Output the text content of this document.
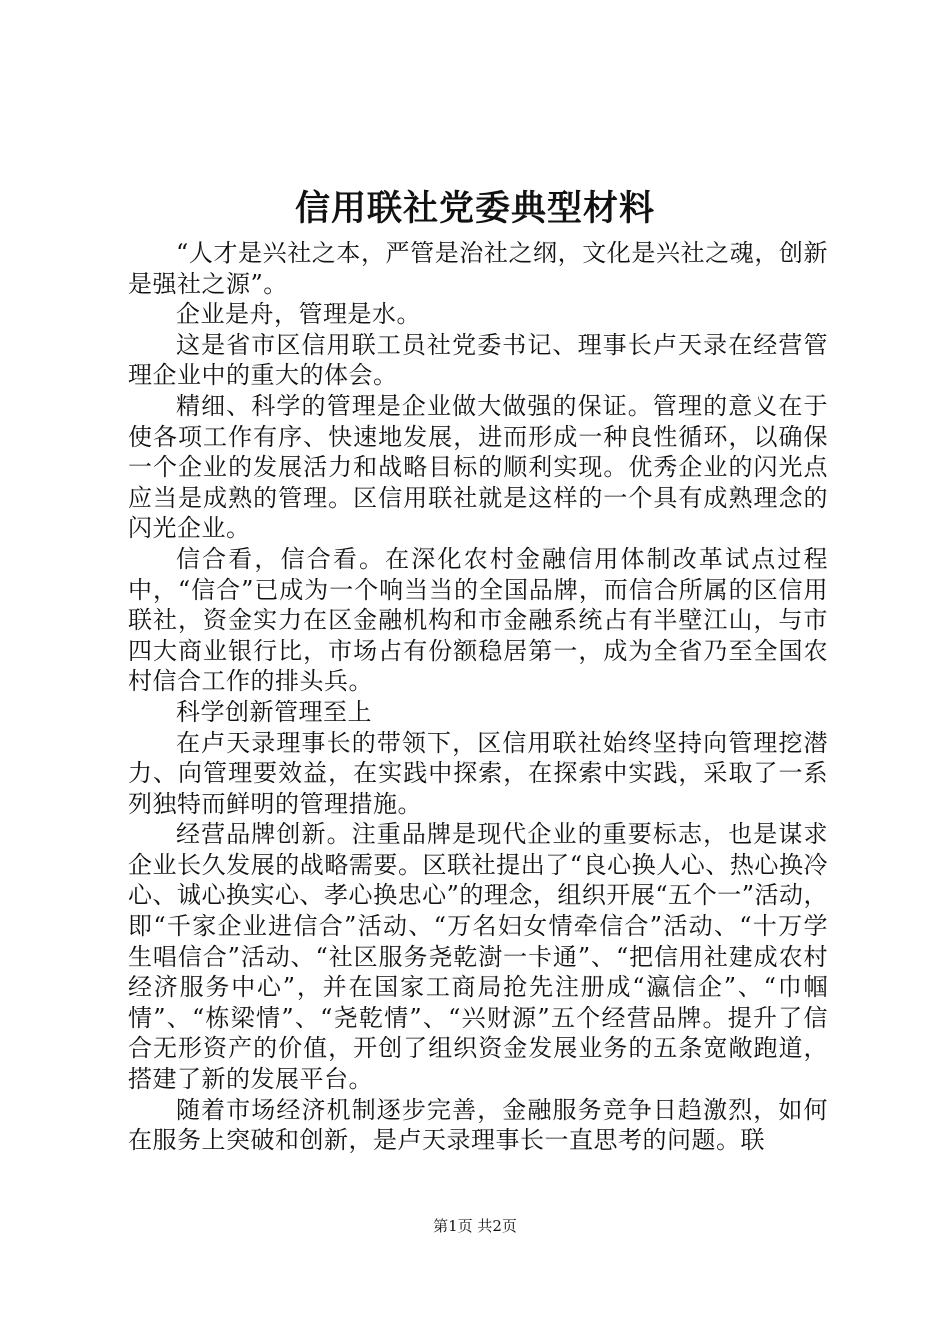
信用联社党委典型材料

“人才是兴社之本，严管是治社之纲，文化是兴社之魂，创新是强社之源”。

企业是舟，管理是水。

这是省市区信用联工员社党委书记、理事长卢天录在经营管理企业中的重大的体会。

精细、科学的管理是企业做大做强的保证。管理的意义在于使各项工作有序、快速地发展，进而形成一种良性循环，以确保一个企业的发展活力和战略目标的顺利实现。优秀企业的闪光点应当是成熟的管理。区信用联社就是这样的一个具有成熟理念的闪光企业。

信合看，信合看。在深化农村金融信用体制改革试点过程中，“信合”已成为一个响当当的全国品牌，而信合所属的区信用联社，资金实力在区金融机构和市金融系统占有半壁江山，与市四大商业银行比，市场占有份额稳居第一，成为全省乃至全国农村信合工作的排头兵。

科学创新管理至上

在卢天录理事长的带领下，区信用联社始终坚持向管理挖潜力、向管理要效益，在实践中探索，在探索中实践，采取了一系列独特而鲜明的管理措施。

经营品牌创新。注重品牌是现代企业的重要标志，也是谋求企业长久发展的战略需要。区联社提出了“良心换人心、热心换冷心、诚心换实心、孝心换忠心”的理念，组织开展“五个一”活动，即“千家企业进信合”活动、“万名妇女情牵信合”活动、“十万学生唱信合”活动、“社区服务尧乾澍一卡通”、“把信用社建成农村经济服务中心”，并在国家工商局抢先注册成“瀛信企”、“巾帼情”、“栋梁情”、“尧乾情”、“兴财源”五个经营品牌。提升了信合无形资产的价值，开创了组织资金发展业务的五条宽敞跑道，搭建了新的发展平台。

随着市场经济机制逐步完善，金融服务竞争日趋激烈，如何在服务上突破和创新，是卢天录理事长一直思考的问题。联

第1页 共2页
